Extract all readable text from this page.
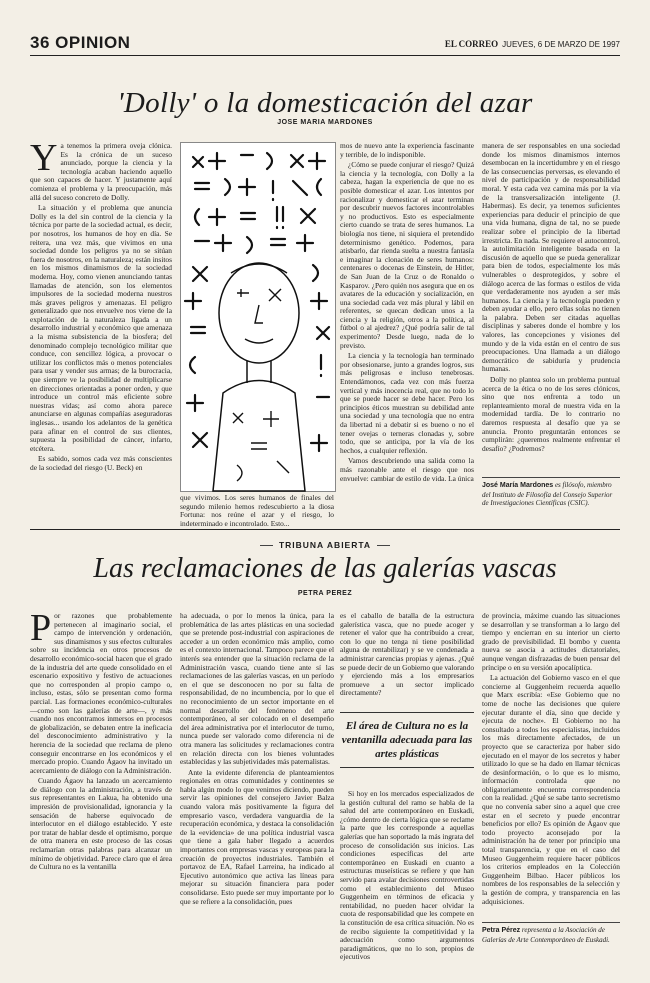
36 OPINION	EL CORREO JUEVES, 6 DE MARZO DE 1997
'Dolly' o la domesticación del azar
JOSE MARIA MARDONES

Ya tenemos la primera oveja clónica. Es la crónica de un suceso anunciado, porque la ciencia y la tecnología acaban haciendo aquello que son capaces de hacer. Y justamente aquí comienza el problema y la preocupación, más allá del suceso concreto de Dolly.

La situación y el problema que anuncia Dolly es la del sin control de la ciencia y la técnica por parte de la sociedad actual, es decir, por nosotros, los humanos de hoy en día. Se reitera, una vez más, que vivimos en una sociedad donde los peligros ya no se sitúan fuera de nosotros, en la naturaleza; están insitos en los mismos dinamismos de la sociedad moderna. Hoy, como vienen anunciando tantas llamadas de atención, son los elementos impulsores de la sociedad moderna nuestros más graves peligros y amenazas. El peligro generalizado que nos envuelve nos viene de la explotación de la naturaleza ligada a un desarrollo industrial y económico que amenaza a la misma subsistencia de la biosfera; del denominado complejo tecnológico militar que conduce, con sencillez lógica, a provocar o utilizar los conflictos más o menos potenciales para usar y vender sus armas; de la burocracia, que siempre ve la posibilidad de multiplicarse en direcciones orientadas a poner orden, y que introduce un control más eficiente sobre nuestras vidas; así como ahora parece anunciarse en algunas compañías aseguradoras inglesas... usando los adelantos de la genética para afinar en el control de sus clientes, supuesta la posibilidad de cáncer, infarto, etcétera.

Es sabido, somos cada vez más conscientes de la sociedad del riesgo (U. Beck) en

que vivimos. Los seres humanos de finales del segundo milenio hemos redescubierto a la diosa Fortuna: nos reúne el azar y el riesgo, lo indeterminado e incontrolado. Esto...

mos de nuevo ante la experiencia fascinante y terrible, de lo indisponible.

¿Cómo se puede conjurar el riesgo? Quizá la ciencia y la tecnología, con Dolly a la cabeza, hagan la experiencia de que no es posible domesticar el azar. Los intentos por racionalizar y domesticar el azar terminan por descubrir nuevos factores incontrolables y no productivos. Esto es especialmente cierto cuando se trata de seres humanos. La biología nos tiene, ni siquiera el pretendido determinismo genético. Podemos, para atisbarlo, dar rienda suelta a nuestra fantasía e imaginar la clonación de seres humanos: centenares o docenas de Einstein, de Hitler, de San Juan de la Cruz o de Ronaldo o Kasparov. ¿Pero quién nos asegura que en os avatares de la educación y socialización, en una sociedad cada vez más plural y lábil en referentes, se quecan dedican unos a la ciencia y la religión, otros a la política, al fútbol o al ajedrez? ¿Qué podría salir de tal experimento? Desde luego, nada de lo previsto.

La ciencia y la tecnología han terminado por obsesionarse, junto a grandes logros, sus más peligrosas e incluso tenebrosas. Entendámonos, cada vez con más fuerza vertical y más inocencia real, que no todo lo que se puede hacer se debe hacer. Pero los principios éticos muestran su debilidad ante una sociedad y una tecnología que no entra da libertad ni a debatir si es bueno o no el tener ovejas o terneras clonadas y, sobre todo, que se anticipa, por la vía de los hechos, a cualquier reflexión.

Vamos descubriendo una salida como la más razonable ante el riesgo que nos envuelve: cambiar de estilo de vida. La única

manera de ser responsables en una sociedad donde los mismos dinamismos internos desembocan en la incertidumbre y en el riesgo de las consecuencias perversas, es elevando el nivel de participación y de responsabilidad moral. Y esta cada vez camina más por la vía de la transversalización inteligente (J. Habermas). Es decir, ya tenemos suficientes experiencias para deducir el principio de que una vida humana, digna de tal, no se puede realizar sobre el principio de la libertad irrestricta. En nada. Se requiere el autocontrol, la autolimitación inteligente basada en la discusión de aquello que se pueda generalizar para bien de todos, especialmente los más vulnerables o desprotegidos, y sobre el diálogo acerca de las formas o estilos de vida que verdaderamente nos ayuden a ser más humanos. La ciencia y la tecnología pueden y deben ayudar a ello, pero ellas solas no tienen la palabra. Deben ser citadas aquellas disciplinas y saberes donde el hombre y los valores, las concepciones y visiones del mundo y de la vida están en el centro de sus preocupaciones. Una llamada a un diálogo democrático de sabiduría y prudencia humanas.

Dolly no plantea solo un problema puntual acerca de la ética o no de los seres clónicos, sino que nos enfrenta a todo un replanteamiento moral de nuestra vida en la modernidad tardía. De lo contrario no daremos respuesta al desafío que ya se anuncia. Pronto preguntarán entonces se cumplirán: ¿queremos realmente enfrentar el desafío? ¿Podremos?

José María Mardones es filósofo, miembro del Instituto de Filosofía del Consejo Superior de Investigaciones Científicas (CSIC).
TRIBUNA ABIERTA
Las reclamaciones de las galerías vascas
PETRA PEREZ

Por razones que probablemente pertenecen al imaginario social, el campo de intervención y ordenación, sus dinamismos y sus efectos culturales sobre su incidencia en otros procesos de desarrollo económico-social hacen que el grado de la industria del arte quede consolidado en el escenario expositivo y festivo de actuaciones que no corresponden al propio campo o, incluso, estas, sólo se presentan como forma parcial. Las formaciones económico-culturales —como son las galerías de arte—, y más cuando nos encontramos inmersos en procesos de globalización, se debaten entre la ineficacia del desconocimiento administrativo y la herencia de la sociedad que reclama de pleno conseguir encontrarse en los económicos y el mercado propio. Cuando Ágaov ha invitado un acercamiento de diálogo con la Administración.

Cuando Ágaov ha lanzado un acercamiento de diálogo con la administración, a través de sus representantes en Lakua, ha obtenido una impresión de provisionalidad, ignorancia y la sensación de haberse equivocado de interlocutor en el diálogo establecido. Y este por tratar de hablar desde el optimismo, porque de otra manera en este proceso de las cosas reclamarían otras palabras para alcanzar un mínimo de objetividad. Parece claro que el área de Cultura no es la ventanilla

ha adecuada, o por lo menos la única, para la problemática de las artes plásticas en una sociedad que se pretende post-industrial con aspiraciones de acceder a un orden económico más amplio, como es el contexto internacional. Tampoco parece que el interés sea entender que la situación reclama de la Administración vasca, cuando tiene ante sí las reclamaciones de las galerías vascas, en un período en el que se desconocen no por su falta de responsabilidad, de no incumbencia, por lo que el no reconocimiento de un sector importante en el normal desarrollo del fenómeno del arte contemporáneo, al ser colocado en el desempeño del área administrativa por el interlocutor de turno, nunca puede ser valorado como diferencia ni de otra manera las solicitudes y reclamaciones contra en relación directa con los bienes voluntades establecidas y las subjetividades más paternalistas.

Ante la evidente diferencia de planteamientos regionales en otras comunidades y continentes se habla algún modo lo que venimos diciendo, pueden servir las opiniones del consejero Javier Balza cuando valora más positivamente la figura del empresario vasco, verdadera vanguardia de la recuperación económica, y destaca la consolidación de la «evidencia» de una política industrial vasca que tiene a gala haber llegado a acuerdos importantes con empresas vascas y europeas para la creación de proyectos industriales. También el portavoz de EA, Rafael Larreina, ha indicado al Ejecutivo autonómico que activa las líneas para mejorar su situación financiera para poder consolidarse. Esto puede ser muy importante por lo que se refiere a la consolidación, pues

es el caballo de batalla de la estructura galerística vasca, que no puede acoger y retener el valor que ha contribuido a crear, con lo que no tenga ni tiene posibilidad alguna de rentabilizar) y se ve condenada a administrar carencias propias y ajenas. ¿Qué se puede decir de un Gobierno que valorando y ejerciendo más a los empresarios promueve a un sector implicado directamente?

El área de Cultura no es la ventanilla adecuada para las artes plásticas

Si hoy en los mercados especializados de la gestión cultural del ramo se habla de la salud del arte contemporáneo en Euskadi, ¿cómo dentro de cierta lógica que se reclame la parte que les corresponde a aquellas galerías que han soportado la más ingrata del proceso de consolidación sus inicios. Las condiciones específicas del arte contemporáneo en Euskadi en cuanto a estructuras museísticas se refiere y que han servido para avalar decisiones controvertidas como el establecimiento del Museo Guggenheim en términos de eficacia y rentabilidad, no pueden hacer olvidar la cuota de responsabilidad que les compete en la constitución de esa crítica situación. No es de recibo siguiente la competitividad y la adecuación como argumentos paradigmáticos, que no lo son, propios de ejecutivos

de provincia, máxime cuando las situaciones se desarrollan y se transforman a lo largo del tiempo y encierran en su interior un cierto grado de previsibilidad. El bombo y cuenta nueva se asocia a actitudes dictatoriales, aunque vengan disfrazadas de buen pensar del príncipe o en su versión apocalíptica.

La actuación del Gobierno vasco en el que concierne al Guggenheim recuerda aquello que Marx escribía: «Ese Gobierno que no tome de noche las decisiones que quiere ejecutar durante el día, sino que decide y ejecuta de noche». El Gobierno no ha consultado a todos los especialistas, incluidos los más directamente afectados, de un proyecto que se caracteriza por haber sido ejecutado en el mayor de los secretos y haber utilizado lo que se ha dado en llamar técnicas de desinformación, o lo que es lo mismo, información controlada que no obligatoriamente encuentra correspondencia con la realidad. ¿Qué se sabe tanto secretismo que no convenía saber sino a aquel que cree estar en el secreto y puede encontrar beneficios por ello? Es opinión de Ágaov que todo proyecto aconsejado por la administración ha de tener por principio una total transparencia, y que en el caso del Museo Guggenheim requiere hacer públicos los criterios empleados en la Colección Guggenheim Bilbao. Hacer públicos los nombres de los responsables de la selección y la gestión de compra, y transparencia en las adquisiciones.

Petra Pérez representa a la Asociación de Galerías de Arte Contemporáneo de Euskadi.
